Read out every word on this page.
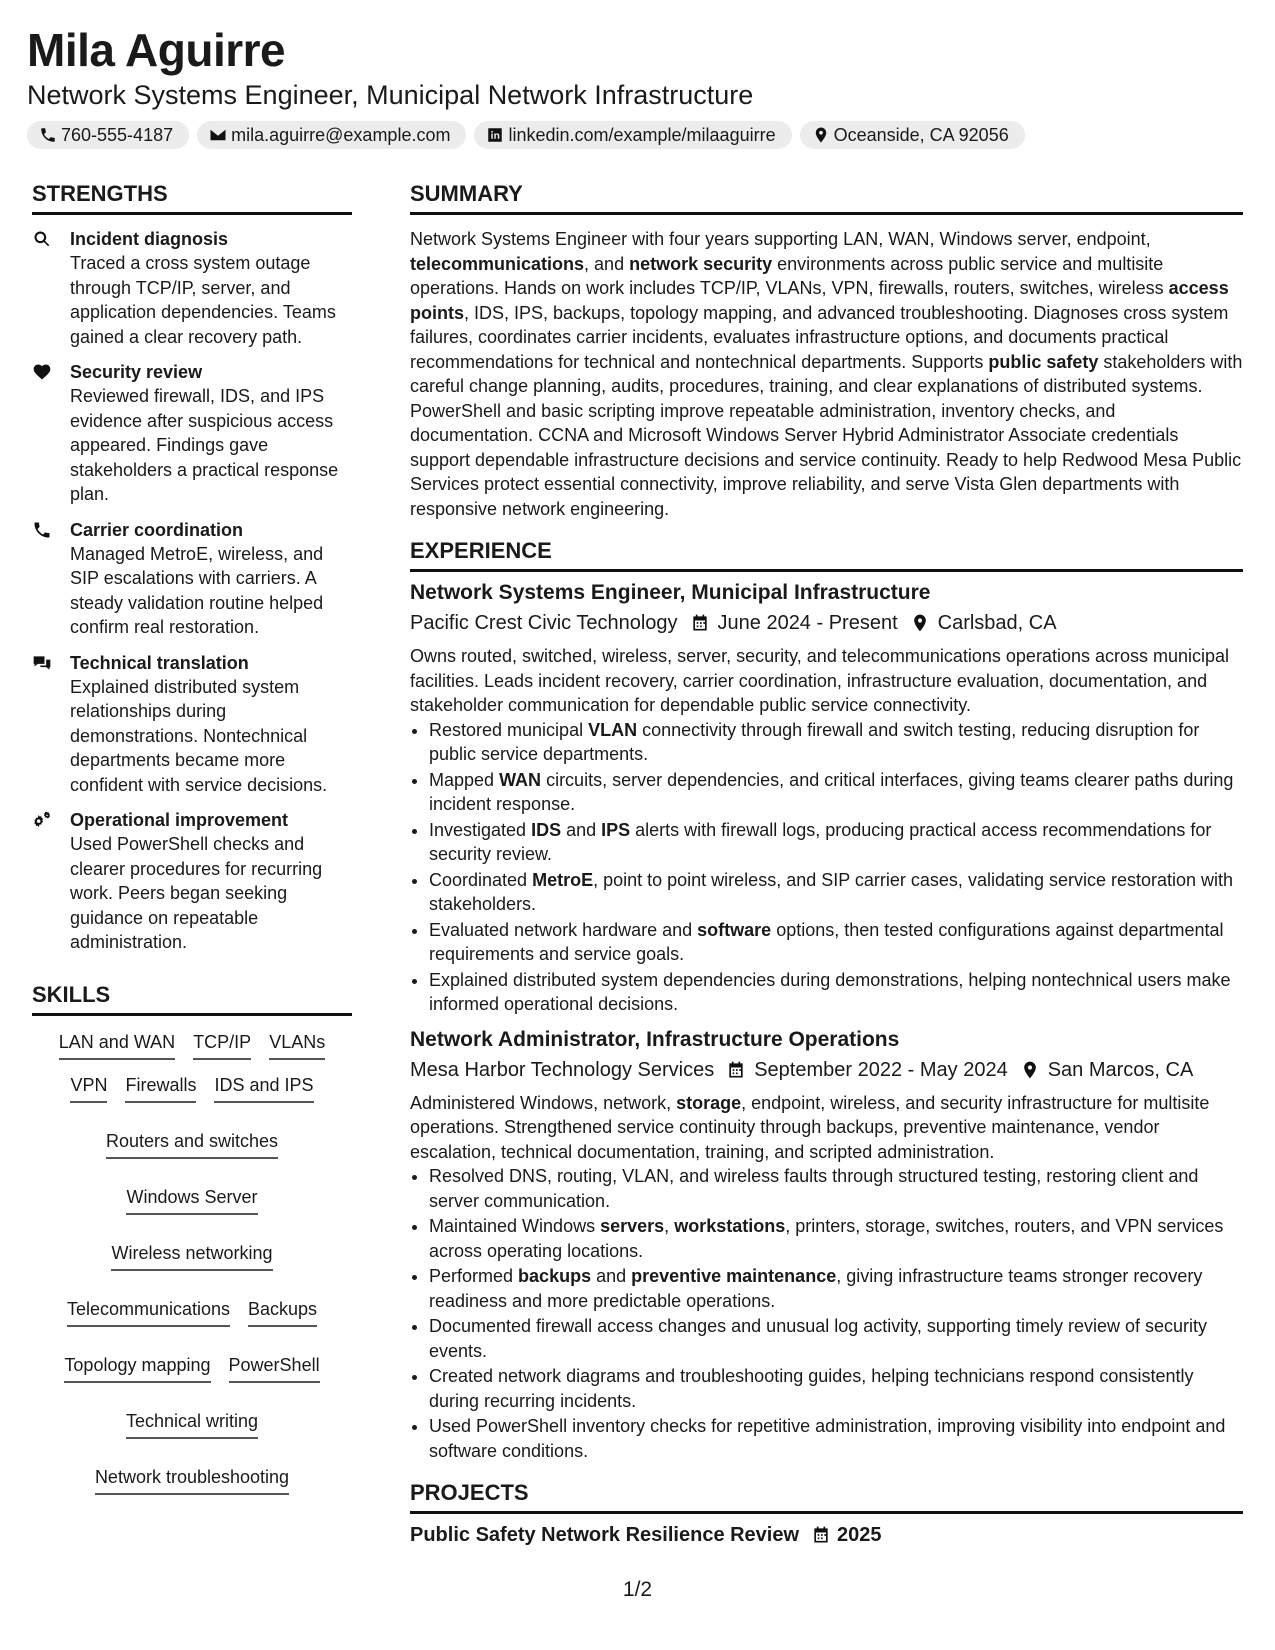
Mila Aguirre
Network Systems Engineer, Municipal Network Infrastructure
760-555-4187	mila.aguirre@example.com	linkedin.com/example/milaaguirre	Oceanside, CA 92056
STRENGTHS
Incident diagnosis
Traced a cross system outage through TCP/IP, server, and application dependencies. Teams gained a clear recovery path.
Security review
Reviewed firewall, IDS, and IPS evidence after suspicious access appeared. Findings gave stakeholders a practical response plan.
Carrier coordination
Managed MetroE, wireless, and SIP escalations with carriers. A steady validation routine helped confirm real restoration.
Technical translation
Explained distributed system relationships during demonstrations. Nontechnical departments became more confident with service decisions.
Operational improvement
Used PowerShell checks and clearer procedures for recurring work. Peers began seeking guidance on repeatable administration.
SKILLS
LAN and WAN TCP/IP VLANs
VPN Firewalls IDS and IPS
Routers and switches
Windows Server
Wireless networking
Telecommunications Backups
Topology mapping PowerShell
Technical writing
Network troubleshooting
SUMMARY

Network Systems Engineer with four years supporting LAN, WAN, Windows server, endpoint, telecommunications, and network security environments across public service and multisite operations. Hands on work includes TCP/IP, VLANs, VPN, firewalls, routers, switches, wireless access points, IDS, IPS, backups, topology mapping, and advanced troubleshooting. Diagnoses cross system failures, coordinates carrier incidents, evaluates infrastructure options, and documents practical recommendations for technical and nontechnical departments. Supports public safety stakeholders with careful change planning, audits, procedures, training, and clear explanations of distributed systems. PowerShell and basic scripting improve repeatable administration, inventory checks, and documentation. CCNA and Microsoft Windows Server Hybrid Administrator Associate credentials support dependable infrastructure decisions and service continuity. Ready to help Redwood Mesa Public Services protect essential connectivity, improve reliability, and serve Vista Glen departments with responsive network engineering.

EXPERIENCE
Network Systems Engineer, Municipal Infrastructure
Pacific Crest Civic Technology June 2024 - Present Carlsbad, CA

Owns routed, switched, wireless, server, security, and telecommunications operations across municipal facilities. Leads incident recovery, carrier coordination, infrastructure evaluation, documentation, and stakeholder communication for dependable public service connectivity.

• Restored municipal VLAN connectivity through firewall and switch testing, reducing disruption for public service departments.
• Mapped WAN circuits, server dependencies, and critical interfaces, giving teams clearer paths during incident response.
• Investigated IDS and IPS alerts with firewall logs, producing practical access recommendations for security review.
• Coordinated MetroE, point to point wireless, and SIP carrier cases, validating service restoration with stakeholders.
• Evaluated network hardware and software options, then tested configurations against departmental requirements and service goals.
• Explained distributed system dependencies during demonstrations, helping nontechnical users make informed operational decisions.
Network Administrator, Infrastructure Operations
Mesa Harbor Technology Services September 2022 - May 2024 San Marcos, CA

Administered Windows, network, storage, endpoint, wireless, and security infrastructure for multisite operations. Strengthened service continuity through backups, preventive maintenance, vendor escalation, technical documentation, training, and scripted administration.

• Resolved DNS, routing, VLAN, and wireless faults through structured testing, restoring client and server communication.
• Maintained Windows servers, workstations, printers, storage, switches, routers, and VPN services across operating locations.
• Performed backups and preventive maintenance, giving infrastructure teams stronger recovery readiness and more predictable operations.
• Documented firewall access changes and unusual log activity, supporting timely review of security events.
• Created network diagrams and troubleshooting guides, helping technicians respond consistently during recurring incidents.
• Used PowerShell inventory checks for repetitive administration, improving visibility into endpoint and software conditions.
PROJECTS
Public Safety Network Resilience Review 2025
1/2
